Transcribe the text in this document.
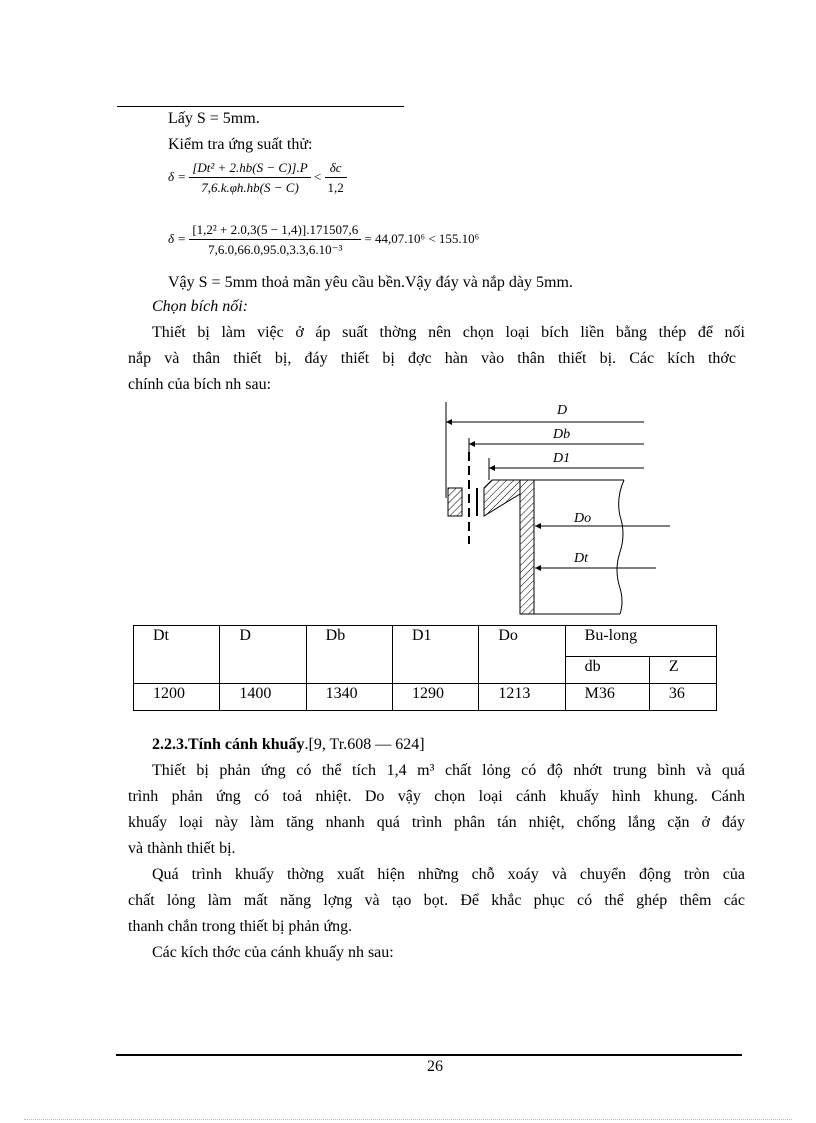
Lấy S = 5mm.
Kiểm tra ứng suất thử:
$\delta = \frac{\text{[Dt² + 2.hb(S − C)].P}}{7,6.k.\varphi h.hb(S - C)} < \frac{\delta c}{1,2}$
$\delta = \frac{\text{[1,2² + 2.0,3(5 − 1,4)].171507,6}}{\text{7,6.0,66.0,95.0,3.3,6.10⁻³}} = 44,07.10^6 < 155.10^6$
Vậy S = 5mm thoả mãn yêu cầu bền.Vậy đáy và nắp dày 5mm.
Chọn bích nối:
Thiết bị làm việc ở áp suất thờng nên chọn loại bích liền bằng thép để nối
nắp và thân thiết bị, đáy thiết bị đợc hàn vào thân thiết bị. Các kích thớc
chính của bích nh sau:
D
Db
D1
Do
Dt
Dt	D	Db	D1	Do	Bu-long	
					db	Z
1200	1400	1340	1290	1213	M36	36
2.2.3.Tính cánh khuấy.[9, Tr.608 — 624]
Thiết bị phản ứng có thể tích 1,4 m³ chất lỏng có độ nhớt trung bình và quá
trình phản ứng có toả nhiệt. Do vậy chọn loại cánh khuấy hình khung. Cánh
khuấy loại này làm tăng nhanh quá trình phân tán nhiệt, chống lắng cặn ở đáy
và thành thiết bị.
Quá trình khuấy thờng xuất hiện những chỗ xoáy và chuyển động tròn của
chất lỏng làm mất năng lợng và tạo bọt. Để khắc phục có thể ghép thêm các
thanh chắn trong thiết bị phản ứng.
Các kích thớc của cánh khuấy nh sau:
26
